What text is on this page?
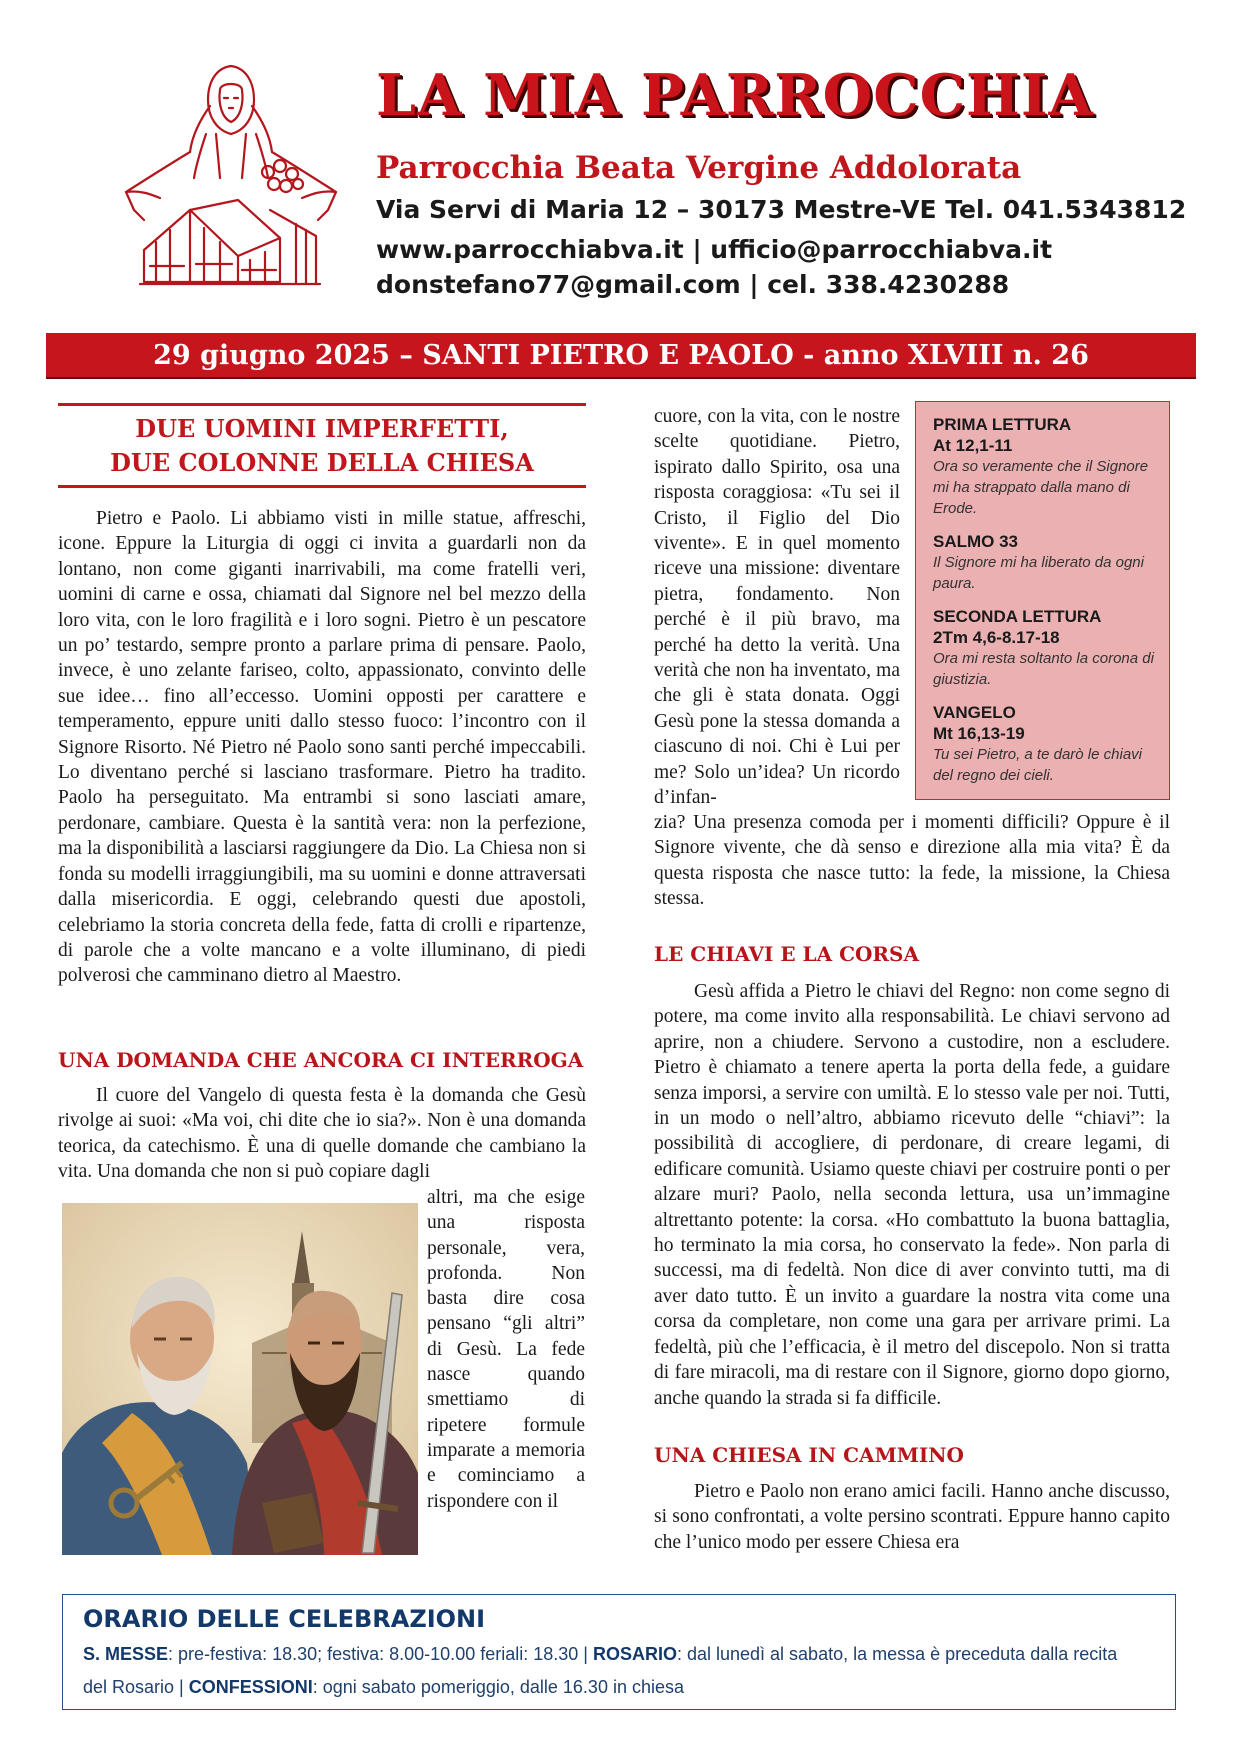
LA MIA PARROCCHIA
Parrocchia Beata Vergine Addolorata
Via Servi di Maria 12 – 30173 Mestre-VE Tel. 041.5343812
www.parrocchiabva.it | ufficio@parrocchiabva.it
donstefano77@gmail.com | cel. 338.4230288
29 giugno 2025 – SANTI PIETRO E PAOLO - anno XLVIII n. 26
DUE UOMINI IMPERFETTI,
DUE COLONNE DELLA CHIESA
Pietro e Paolo. Li abbiamo visti in mille statue, affreschi, icone. Eppure la Liturgia di oggi ci invita a guardarli non da lontano, non come giganti inarrivabili, ma come fratelli veri, uomini di carne e ossa, chiamati dal Signore nel bel mezzo della loro vita, con le loro fragilità e i loro sogni. Pietro è un pescatore un po’ testardo, sempre pronto a parlare prima di pensare. Paolo, invece, è uno zelante fariseo, colto, appassionato, convinto delle sue idee… fino all’eccesso. Uomini opposti per carattere e temperamento, eppure uniti dallo stesso fuoco: l’incontro con il Signore Risorto. Né Pietro né Paolo sono santi perché impeccabili. Lo diventano perché si lasciano trasformare. Pietro ha tradito. Paolo ha perseguitato. Ma entrambi si sono lasciati amare, perdonare, cambiare. Questa è la santità vera: non la perfezione, ma la disponibilità a lasciarsi raggiungere da Dio. La Chiesa non si fonda su modelli irraggiungibili, ma su uomini e donne attraversati dalla misericordia. E oggi, celebrando questi due apostoli, celebriamo la storia concreta della fede, fatta di crolli e ripartenze, di parole che a volte mancano e a volte illuminano, di piedi polverosi che camminano dietro al Maestro.
UNA DOMANDA CHE ANCORA CI INTERROGA
Il cuore del Vangelo di questa festa è la domanda che Gesù rivolge ai suoi: «Ma voi, chi dite che io sia?». Non è una domanda teorica, da catechismo. È una di quelle domande che cambiano la vita. Una domanda che non si può copiare dagli
altri, ma che esige una risposta personale, vera, profonda. Non basta dire cosa pensano “gli altri” di Gesù. La fede nasce quando smettiamo di ripetere formule imparate a memoria e cominciamo a rispondere con il
cuore, con la vita, con le nostre scelte quotidiane. Pietro, ispirato dallo Spirito, osa una risposta coraggiosa: «Tu sei il Cristo, il Figlio del Dio vivente». E in quel momento riceve una missione: diventare pietra, fondamento. Non perché è il più bravo, ma perché ha detto la verità. Una verità che non ha inventato, ma che gli è stata donata. Oggi Gesù pone la stessa domanda a ciascuno di noi. Chi è Lui per me? Solo un’idea? Un ricordo d’infan-
PRIMA LETTURA
At 12,1-11
Ora so veramente che il Signore mi ha strappato dalla mano di Erode.
SALMO 33
Il Signore mi ha liberato da ogni paura.
SECONDA LETTURA
2Tm 4,6-8.17-18
Ora mi resta soltanto la corona di giustizia.
VANGELO
Mt 16,13-19
Tu sei Pietro, a te darò le chiavi del regno dei cieli.
zia? Una presenza comoda per i momenti difficili? Oppure è il Signore vivente, che dà senso e direzione alla mia vita? È da questa risposta che nasce tutto: la fede, la missione, la Chiesa stessa.
LE CHIAVI E LA CORSA
Gesù affida a Pietro le chiavi del Regno: non come segno di potere, ma come invito alla responsabilità. Le chiavi servono ad aprire, non a chiudere. Servono a custodire, non a escludere. Pietro è chiamato a tenere aperta la porta della fede, a guidare senza imporsi, a servire con umiltà. E lo stesso vale per noi. Tutti, in un modo o nell’altro, abbiamo ricevuto delle “chiavi”: la possibilità di accogliere, di perdonare, di creare legami, di edificare comunità. Usiamo queste chiavi per costruire ponti o per alzare muri? Paolo, nella seconda lettura, usa un’immagine altrettanto potente: la corsa. «Ho combattuto la buona battaglia, ho terminato la mia corsa, ho conservato la fede». Non parla di successi, ma di fedeltà. Non dice di aver convinto tutti, ma di aver dato tutto. È un invito a guardare la nostra vita come una corsa da completare, non come una gara per arrivare primi. La fedeltà, più che l’efficacia, è il metro del discepolo. Non si tratta di fare miracoli, ma di restare con il Signore, giorno dopo giorno, anche quando la strada si fa difficile.
UNA CHIESA IN CAMMINO
Pietro e Paolo non erano amici facili. Hanno anche discusso, si sono confrontati, a volte persino scontrati. Eppure hanno capito che l’unico modo per essere Chiesa era
ORARIO DELLE CELEBRAZIONI
S. MESSE: pre-festiva: 18.30; festiva: 8.00-10.00 feriali: 18.30 | ROSARIO: dal lunedì al sabato, la messa è preceduta dalla recita
del Rosario | CONFESSIONI: ogni sabato pomeriggio, dalle 16.30 in chiesa
